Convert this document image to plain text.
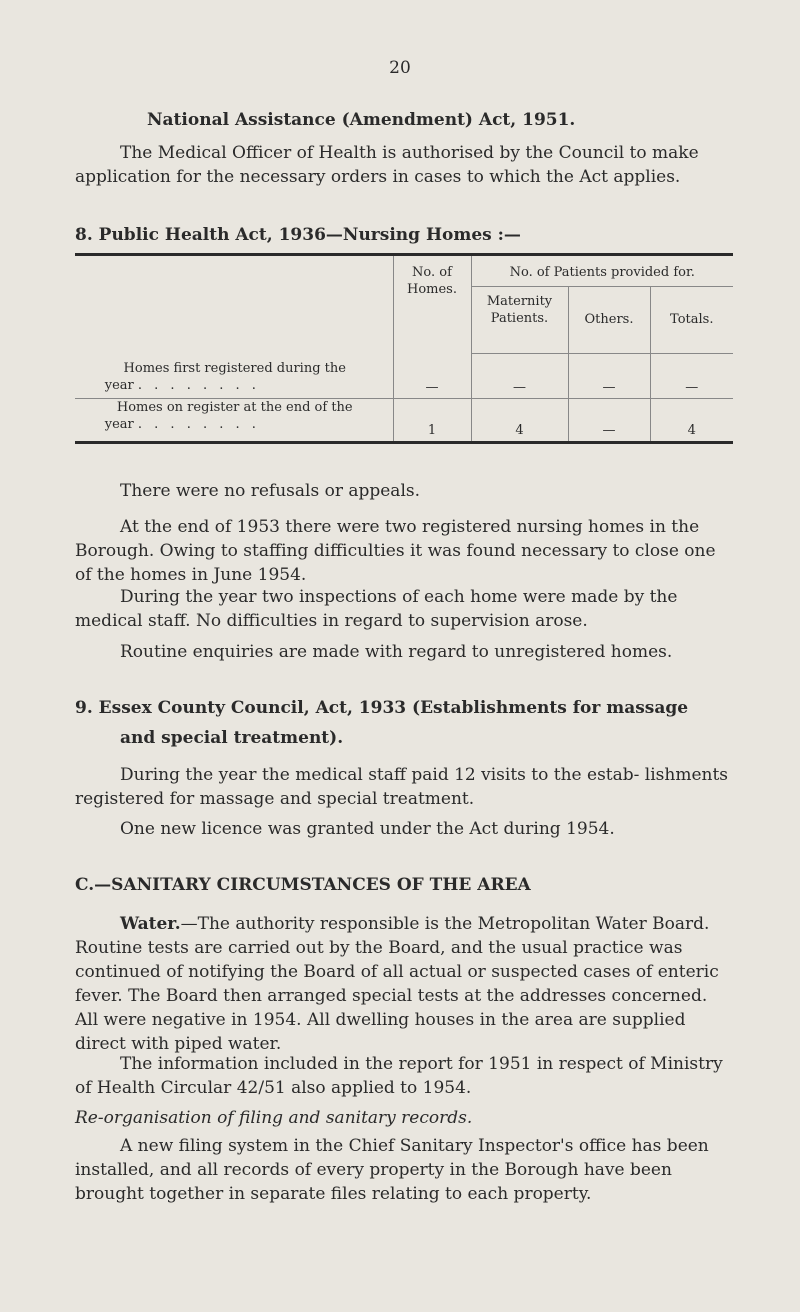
20

National Assistance (Amendment) Act, 1951.

The Medical Officer of Health is authorised by the Council to make application for the necessary orders in cases to which the Act applies.

8. Public Health Act, 1936—Nursing Homes :—

	No. of Homes.	No. of Patients provided for.		
		Maternity Patients.	Others.	Totals.
Homes first registered during the
year . . . . . . . .	—	—	—	—
Homes on register at the end of the
year . . . . . . . .	1	4	—	4

There were no refusals or appeals.

At the end of 1953 there were two registered nursing homes in the Borough. Owing to staffing difficulties it was found necessary to close one of the homes in June 1954.

During the year two inspections of each home were made by the medical staff. No difficulties in regard to supervision arose.

Routine enquiries are made with regard to unregistered homes.

9. Essex County Council, Act, 1933 (Establishments for massage

and special treatment).

During the year the medical staff paid 12 visits to the estab- lishments registered for massage and special treatment.

One new licence was granted under the Act during 1954.

C.—SANITARY CIRCUMSTANCES OF THE AREA

Water.—The authority responsible is the Metropolitan Water Board. Routine tests are carried out by the Board, and the usual practice was continued of notifying the Board of all actual or suspected cases of enteric fever. The Board then arranged special tests at the addresses concerned. All were negative in 1954. All dwelling houses in the area are supplied direct with piped water.

The information included in the report for 1951 in respect of Ministry of Health Circular 42/51 also applied to 1954.

Re-organisation of filing and sanitary records.

A new filing system in the Chief Sanitary Inspector's office has been installed, and all records of every property in the Borough have been brought together in separate files relating to each property.
